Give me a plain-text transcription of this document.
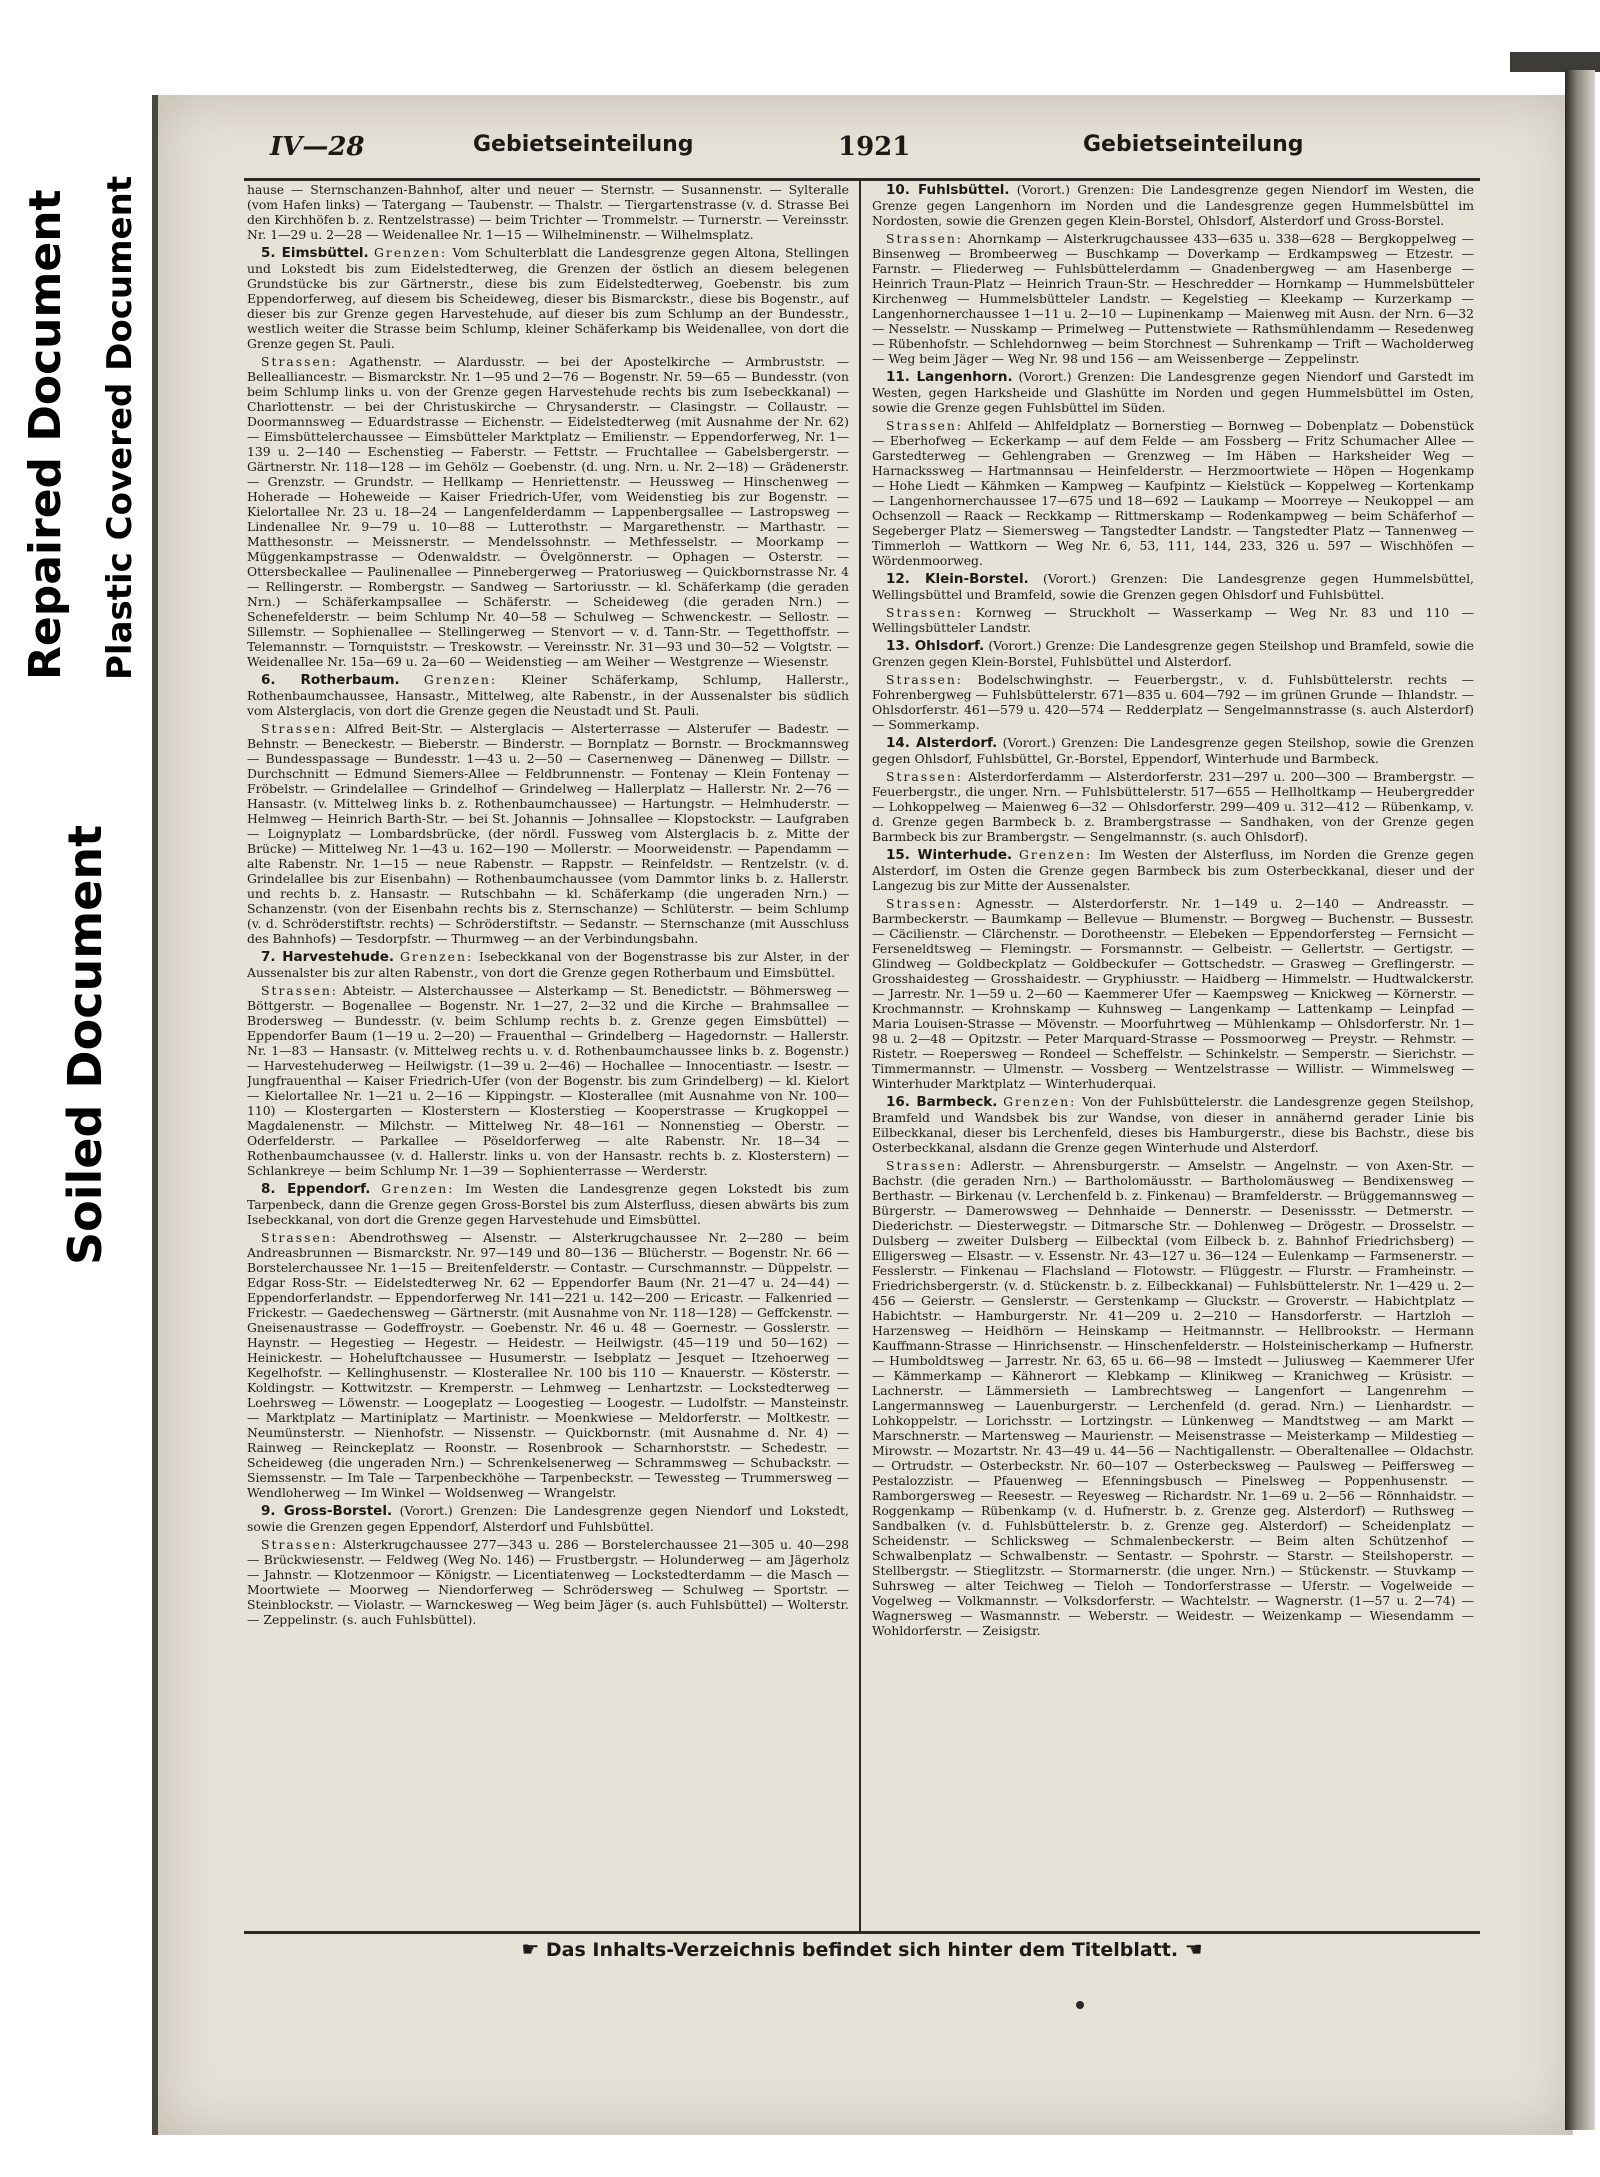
Repaired Document Plastic Covered Document
Soiled Document
IV—28	Gebietseinteilung	1921	Gebietseinteilung

hause — Sternschanzen-Bahnhof, alter und neuer — Sternstr. — Susannenstr. — Sylteralle (vom Hafen links) — Tatergang — Taubenstr. — Thalstr. — Tiergartenstrasse (v. d. Strasse Bei den Kirchhöfen b. z. Rentzelstrasse) — beim Trichter — Trommelstr. — Turnerstr. — Vereinsstr. Nr. 1—29 u. 2—28 — Weidenallee Nr. 1—15 — Wilhelminenstr. — Wilhelmsplatz.

5. Eimsbüttel. Grenzen: Vom Schulterblatt die Landesgrenze gegen Altona, Stellingen und Lokstedt bis zum Eidelstedterweg, die Grenzen der östlich an diesem belegenen Grundstücke bis zur Gärtnerstr., diese bis zum Eidelstedterweg, Goebenstr. bis zum Eppendorferweg, auf diesem bis Scheideweg, dieser bis Bismarckstr., diese bis Bogenstr., auf dieser bis zur Grenze gegen Harvestehude, auf dieser bis zum Schlump an der Bundesstr., westlich weiter die Strasse beim Schlump, kleiner Schäferkamp bis Weidenallee, von dort die Grenze gegen St. Pauli.

Strassen: Agathenstr. — Alardusstr. — bei der Apostelkirche — Armbruststr. — Bellealliancestr. — Bismarckstr. Nr. 1—95 und 2—76 — Bogenstr. Nr. 59—65 — Bundesstr. (von beim Schlump links u. von der Grenze gegen Harvestehude rechts bis zum Isebeckkanal) — Charlottenstr. — bei der Christuskirche — Chrysanderstr. — Clasingstr. — Collaustr. — Doormannsweg — Eduardstrasse — Eichenstr. — Eidelstedterweg (mit Ausnahme der Nr. 62) — Eimsbüttelerchaussee — Eimsbütteler Marktplatz — Emilienstr. — Eppendorferweg, Nr. 1—139 u. 2—140 — Eschenstieg — Faberstr. — Fettstr. — Fruchtallee — Gabelsbergerstr. — Gärtnerstr. Nr. 118—128 — im Gehölz — Goebenstr. (d. ung. Nrn. u. Nr. 2—18) — Grädenerstr. — Grenzstr. — Grundstr. — Hellkamp — Henriettenstr. — Heussweg — Hinschenweg — Hoherade — Hoheweide — Kaiser Friedrich-Ufer, vom Weidenstieg bis zur Bogenstr. — Kielortallee Nr. 23 u. 18—24 — Langenfelderdamm — Lappenbergsallee — Lastropsweg — Lindenallee Nr. 9—79 u. 10—88 — Lutterothstr. — Margarethenstr. — Marthastr. — Matthesonstr. — Meissnerstr. — Mendelssohnstr. — Methfesselstr. — Moorkamp — Müggenkampstrasse — Odenwaldstr. — Övelgönnerstr. — Ophagen — Osterstr. — Ottersbeckallee — Paulinenallee — Pinnebergerweg — Pratoriusweg — Quickbornstrasse Nr. 4 — Rellingerstr. — Rombergstr. — Sandweg — Sartoriusstr. — kl. Schäferkamp (die geraden Nrn.) — Schäferkampsallee — Schäferstr. — Scheideweg (die geraden Nrn.) — Schenefelderstr. — beim Schlump Nr. 40—58 — Schulweg — Schwenckestr. — Sellostr. — Sillemstr. — Sophienallee — Stellingerweg — Stenvort — v. d. Tann-Str. — Tegetthoffstr. — Telemannstr. — Tornquiststr. — Treskowstr. — Vereinsstr. Nr. 31—93 und 30—52 — Volgtstr. — Weidenallee Nr. 15a—69 u. 2a—60 — Weidenstieg — am Weiher — Westgrenze — Wiesenstr.

6. Rotherbaum. Grenzen: Kleiner Schäferkamp, Schlump, Hallerstr., Rothenbaumchaussee, Hansastr., Mittelweg, alte Rabenstr., in der Aussenalster bis südlich vom Alsterglacis, von dort die Grenze gegen die Neustadt und St. Pauli.

Strassen: Alfred Beit-Str. — Alsterglacis — Alsterterrasse — Alsterufer — Badestr. — Behnstr. — Beneckestr. — Bieberstr. — Binderstr. — Bornplatz — Bornstr. — Brockmannsweg — Bundesspassage — Bundesstr. 1—43 u. 2—50 — Casernenweg — Dänenweg — Dillstr. — Durchschnitt — Edmund Siemers-Allee — Feldbrunnenstr. — Fontenay — Klein Fontenay — Fröbelstr. — Grindelallee — Grindelhof — Grindelweg — Hallerplatz — Hallerstr. Nr. 2—76 — Hansastr. (v. Mittelweg links b. z. Rothenbaumchaussee) — Hartungstr. — Helmhuderstr. — Helmweg — Heinrich Barth-Str. — bei St. Johannis — Johnsallee — Klopstockstr. — Laufgraben — Loignyplatz — Lombardsbrücke, (der nördl. Fussweg vom Alsterglacis b. z. Mitte der Brücke) — Mittelweg Nr. 1—43 u. 162—190 — Mollerstr. — Moorweidenstr. — Papendamm — alte Rabenstr. Nr. 1—15 — neue Rabenstr. — Rappstr. — Reinfeldstr. — Rentzelstr. (v. d. Grindelallee bis zur Eisenbahn) — Rothenbaumchaussee (vom Dammtor links b. z. Hallerstr. und rechts b. z. Hansastr. — Rutschbahn — kl. Schäferkamp (die ungeraden Nrn.) — Schanzenstr. (von der Eisenbahn rechts bis z. Sternschanze) — Schlüterstr. — beim Schlump (v. d. Schröderstiftstr. rechts) — Schröderstiftstr. — Sedanstr. — Sternschanze (mit Ausschluss des Bahnhofs) — Tesdorpfstr. — Thurmweg — an der Verbindungsbahn.

7. Harvestehude. Grenzen: Isebeckkanal von der Bogenstrasse bis zur Alster, in der Aussenalster bis zur alten Rabenstr., von dort die Grenze gegen Rotherbaum und Eimsbüttel.

Strassen: Abteistr. — Alsterchaussee — Alsterkamp — St. Benedictstr. — Böhmersweg — Böttgerstr. — Bogenallee — Bogenstr. Nr. 1—27, 2—32 und die Kirche — Brahmsallee — Brodersweg — Bundesstr. (v. beim Schlump rechts b. z. Grenze gegen Eimsbüttel) — Eppendorfer Baum (1—19 u. 2—20) — Frauenthal — Grindelberg — Hagedornstr. — Hallerstr. Nr. 1—83 — Hansastr. (v. Mittelweg rechts u. v. d. Rothenbaumchaussee links b. z. Bogenstr.) — Harvestehuderweg — Heilwigstr. (1—39 u. 2—46) — Hochallee — Innocentiastr. — Isestr. — Jungfrauenthal — Kaiser Friedrich-Ufer (von der Bogenstr. bis zum Grindelberg) — kl. Kielort — Kielortallee Nr. 1—21 u. 2—16 — Kippingstr. — Klosterallee (mit Ausnahme von Nr. 100—110) — Klostergarten — Klosterstern — Klosterstieg — Kooperstrasse — Krugkoppel — Magdalenenstr. — Milchstr. — Mittelweg Nr. 48—161 — Nonnenstieg — Oberstr. — Oderfelderstr. — Parkallee — Pöseldorferweg — alte Rabenstr. Nr. 18—34 — Rothenbaumchaussee (v. d. Hallerstr. links u. von der Hansastr. rechts b. z. Klosterstern) — Schlankreye — beim Schlump Nr. 1—39 — Sophienterrasse — Werderstr.

8. Eppendorf. Grenzen: Im Westen die Landesgrenze gegen Lokstedt bis zum Tarpenbeck, dann die Grenze gegen Gross-Borstel bis zum Alsterfluss, diesen abwärts bis zum Isebeckkanal, von dort die Grenze gegen Harvestehude und Eimsbüttel.

Strassen: Abendrothsweg — Alsenstr. — Alsterkrugchaussee Nr. 2—280 — beim Andreasbrunnen — Bismarckstr. Nr. 97—149 und 80—136 — Blücherstr. — Bogenstr. Nr. 66 — Borstelerchaussee Nr. 1—15 — Breitenfelderstr. — Contastr. — Curschmannstr. — Düppelstr. — Edgar Ross-Str. — Eidelstedterweg Nr. 62 — Eppendorfer Baum (Nr. 21—47 u. 24—44) — Eppendorferlandstr. — Eppendorferweg Nr. 141—221 u. 142—200 — Ericastr. — Falkenried — Frickestr. — Gaedechensweg — Gärtnerstr. (mit Ausnahme von Nr. 118—128) — Geffckenstr. — Gneisenaustrasse — Godeffroystr. — Goebenstr. Nr. 46 u. 48 — Goernestr. — Gosslerstr. — Haynstr. — Hegestieg — Hegestr. — Heidestr. — Heilwigstr. (45—119 und 50—162) — Heinickestr. — Hoheluftchaussee — Husumerstr. — Isebplatz — Jesquet — Itzehoerweg — Kegelhofstr. — Kellinghusenstr. — Klosterallee Nr. 100 bis 110 — Knauerstr. — Kösterstr. — Koldingstr. — Kottwitzstr. — Kremperstr. — Lehmweg — Lenhartzstr. — Lockstedterweg — Loehrsweg — Löwenstr. — Loogeplatz — Loogestieg — Loogestr. — Ludolfstr. — Mansteinstr. — Marktplatz — Martiniplatz — Martinistr. — Moenkwiese — Meldorferstr. — Moltkestr. — Neumünsterstr. — Nienhofstr. — Nissenstr. — Quickbornstr. (mit Ausnahme d. Nr. 4) — Rainweg — Reinckeplatz — Roonstr. — Rosenbrook — Scharnhorststr. — Schedestr. — Scheideweg (die ungeraden Nrn.) — Schrenkelsenerweg — Schrammsweg — Schubackstr. — Siemssenstr. — Im Tale — Tarpenbeckhöhe — Tarpenbeckstr. — Tewessteg — Trummersweg — Wendloherweg — Im Winkel — Woldsenweg — Wrangelstr.

9. Gross-Borstel. (Vorort.) Grenzen: Die Landesgrenze gegen Niendorf und Lokstedt, sowie die Grenzen gegen Eppendorf, Alsterdorf und Fuhlsbüttel.

Strassen: Alsterkrugchaussee 277—343 u. 286 — Borstelerchaussee 21—305 u. 40—298 — Brückwiesenstr. — Feldweg (Weg No. 146) — Frustbergstr. — Holunderweg — am Jägerholz — Jahnstr. — Klotzenmoor — Königstr. — Licentiatenweg — Lockstedterdamm — die Masch — Moortwiete — Moorweg — Niendorferweg — Schrödersweg — Schulweg — Sportstr. — Steinblockstr. — Violastr. — Warnckesweg — Weg beim Jäger (s. auch Fuhlsbüttel) — Wolterstr. — Zeppelinstr. (s. auch Fuhlsbüttel).

10. Fuhlsbüttel. (Vorort.) Grenzen: Die Landesgrenze gegen Niendorf im Westen, die Grenze gegen Langenhorn im Norden und die Landesgrenze gegen Hummelsbüttel im Nordosten, sowie die Grenzen gegen Klein-Borstel, Ohlsdorf, Alsterdorf und Gross-Borstel.

Strassen: Ahornkamp — Alsterkrugchaussee 433—635 u. 338—628 — Bergkoppelweg — Binsenweg — Brombeerweg — Buschkamp — Doverkamp — Erdkampsweg — Etzestr. — Farnstr. — Fliederweg — Fuhlsbüttelerdamm — Gnadenbergweg — am Hasenberge — Heinrich Traun-Platz — Heinrich Traun-Str. — Heschredder — Hornkamp — Hummelsbütteler Kirchenweg — Hummelsbütteler Landstr. — Kegelstieg — Kleekamp — Kurzerkamp — Langenhornerchaussee 1—11 u. 2—10 — Lupinenkamp — Maienweg mit Ausn. der Nrn. 6—32 — Nesselstr. — Nusskamp — Primelweg — Puttenstwiete — Rathsmühlendamm — Resedenweg — Rübenhofstr. — Schlehdornweg — beim Storchnest — Suhrenkamp — Trift — Wacholderweg — Weg beim Jäger — Weg Nr. 98 und 156 — am Weissenberge — Zeppelinstr.

11. Langenhorn. (Vorort.) Grenzen: Die Landesgrenze gegen Niendorf und Garstedt im Westen, gegen Harksheide und Glashütte im Norden und gegen Hummelsbüttel im Osten, sowie die Grenze gegen Fuhlsbüttel im Süden.

Strassen: Ahlfeld — Ahlfeldplatz — Bornerstieg — Bornweg — Dobenplatz — Dobenstück — Eberhofweg — Eckerkamp — auf dem Felde — am Fossberg — Fritz Schumacher Allee — Garstedterweg — Gehlengraben — Grenzweg — Im Häben — Harksheider Weg — Harnackssweg — Hartmannsau — Heinfelderstr. — Herzmoortwiete — Höpen — Hogenkamp — Hohe Liedt — Kähmken — Kampweg — Kaufpintz — Kielstück — Koppelweg — Kortenkamp — Langenhornerchaussee 17—675 und 18—692 — Laukamp — Moorreye — Neukoppel — am Ochsenzoll — Raack — Reckkamp — Rittmerskamp — Rodenkampweg — beim Schäferhof — Segeberger Platz — Siemersweg — Tangstedter Landstr. — Tangstedter Platz — Tannenweg — Timmerloh — Wattkorn — Weg Nr. 6, 53, 111, 144, 233, 326 u. 597 — Wischhöfen — Wördenmoorweg.

12. Klein-Borstel. (Vorort.) Grenzen: Die Landesgrenze gegen Hummelsbüttel, Wellingsbüttel und Bramfeld, sowie die Grenzen gegen Ohlsdorf und Fuhlsbüttel.

Strassen: Kornweg — Struckholt — Wasserkamp — Weg Nr. 83 und 110 — Wellingsbütteler Landstr.

13. Ohlsdorf. (Vorort.) Grenze: Die Landesgrenze gegen Steilshop und Bramfeld, sowie die Grenzen gegen Klein-Borstel, Fuhlsbüttel und Alsterdorf.

Strassen: Bodelschwinghstr. — Feuerbergstr., v. d. Fuhlsbüttelerstr. rechts — Fohrenbergweg — Fuhlsbüttelerstr. 671—835 u. 604—792 — im grünen Grunde — Ihlandstr. — Ohlsdorferstr. 461—579 u. 420—574 — Redderplatz — Sengelmannstrasse (s. auch Alsterdorf) — Sommerkamp.

14. Alsterdorf. (Vorort.) Grenzen: Die Landesgrenze gegen Steilshop, sowie die Grenzen gegen Ohlsdorf, Fuhlsbüttel, Gr.-Borstel, Eppendorf, Winterhude und Barmbeck.

Strassen: Alsterdorferdamm — Alsterdorferstr. 231—297 u. 200—300 — Brambergstr. — Feuerbergstr., die unger. Nrn. — Fuhlsbüttelerstr. 517—655 — Hellholtkamp — Heubergredder — Lohkoppelweg — Maienweg 6—32 — Ohlsdorferstr. 299—409 u. 312—412 — Rübenkamp, v. d. Grenze gegen Barmbeck b. z. Brambergstrasse — Sandhaken, von der Grenze gegen Barmbeck bis zur Brambergstr. — Sengelmannstr. (s. auch Ohlsdorf).

15. Winterhude. Grenzen: Im Westen der Alsterfluss, im Norden die Grenze gegen Alsterdorf, im Osten die Grenze gegen Barmbeck bis zum Osterbeckkanal, dieser und der Langezug bis zur Mitte der Aussenalster.

Strassen: Agnesstr. — Alsterdorferstr. Nr. 1—149 u. 2—140 — Andreasstr. — Barmbeckerstr. — Baumkamp — Bellevue — Blumenstr. — Borgweg — Buchenstr. — Bussestr. — Cäcilienstr. — Clärchenstr. — Dorotheenstr. — Elebeken — Eppendorfersteg — Fernsicht — Ferseneldtsweg — Flemingstr. — Forsmannstr. — Gelbeistr. — Gellertstr. — Gertigstr. — Glindweg — Goldbeckplatz — Goldbeckufer — Gottschedstr. — Grasweg — Greflingerstr. — Grosshaidesteg — Grosshaidestr. — Gryphiusstr. — Haidberg — Himmelstr. — Hudtwalckerstr. — Jarrestr. Nr. 1—59 u. 2—60 — Kaemmerer Ufer — Kaempsweg — Knickweg — Körnerstr. — Krochmannstr. — Krohnskamp — Kuhnsweg — Langenkamp — Lattenkamp — Leinpfad — Maria Louisen-Strasse — Mövenstr. — Moorfuhrtweg — Mühlenkamp — Ohlsdorferstr. Nr. 1—98 u. 2—48 — Opitzstr. — Peter Marquard-Strasse — Possmoorweg — Preystr. — Rehmstr. — Ristetr. — Roepersweg — Rondeel — Scheffelstr. — Schinkelstr. — Semperstr. — Sierichstr. — Timmermannstr. — Ulmenstr. — Vossberg — Wentzelstrasse — Willistr. — Wimmelsweg — Winterhuder Marktplatz — Winterhuderquai.

16. Barmbeck. Grenzen: Von der Fuhlsbüttelerstr. die Landesgrenze gegen Steilshop, Bramfeld und Wandsbek bis zur Wandse, von dieser in annähernd gerader Linie bis Eilbeckkanal, dieser bis Lerchenfeld, dieses bis Hamburgerstr., diese bis Bachstr., diese bis Osterbeckkanal, alsdann die Grenze gegen Winterhude und Alsterdorf.

Strassen: Adlerstr. — Ahrensburgerstr. — Amselstr. — Angelnstr. — von Axen-Str. — Bachstr. (die geraden Nrn.) — Bartholomäusstr. — Bartholomäusweg — Bendixensweg — Berthastr. — Birkenau (v. Lerchenfeld b. z. Finkenau) — Bramfelderstr. — Brüggemannsweg — Bürgerstr. — Damerowsweg — Dehnhaide — Dennerstr. — Desenissstr. — Detmerstr. — Diederichstr. — Diesterwegstr. — Ditmarsche Str. — Dohlenweg — Drögestr. — Drosselstr. — Dulsberg — zweiter Dulsberg — Eilbecktal (vom Eilbeck b. z. Bahnhof Friedrichsberg) — Elligersweg — Elsastr. — v. Essenstr. Nr. 43—127 u. 36—124 — Eulenkamp — Farmsenerstr. — Fesslerstr. — Finkenau — Flachsland — Flotowstr. — Flüggestr. — Flurstr. — Framheinstr. — Friedrichsbergerstr. (v. d. Stückenstr. b. z. Eilbeckkanal) — Fuhlsbüttelerstr. Nr. 1—429 u. 2—456 — Geierstr. — Genslerstr. — Gerstenkamp — Gluckstr. — Groverstr. — Habichtplatz — Habichtstr. — Hamburgerstr. Nr. 41—209 u. 2—210 — Hansdorferstr. — Hartzloh — Harzensweg — Heidhörn — Heinskamp — Heitmannstr. — Hellbrookstr. — Hermann Kauffmann-Strasse — Hinrichsenstr. — Hinschenfelderstr. — Holsteinischerkamp — Hufnerstr. — Humboldtsweg — Jarrestr. Nr. 63, 65 u. 66—98 — Imstedt — Juliusweg — Kaemmerer Ufer — Kämmerkamp — Kähnerort — Klebkamp — Klinikweg — Kranichweg — Krüsistr. — Lachnerstr. — Lämmersieth — Lambrechtsweg — Langenfort — Langenrehm — Langermannsweg — Lauenburgerstr. — Lerchenfeld (d. gerad. Nrn.) — Lienhardstr. — Lohkoppelstr. — Lorichsstr. — Lortzingstr. — Lünkenweg — Mandtstweg — am Markt — Marschnerstr. — Martensweg — Maurienstr. — Meisenstrasse — Meisterkamp — Mildestieg — Mirowstr. — Mozartstr. Nr. 43—49 u. 44—56 — Nachtigallenstr. — Oberaltenallee — Oldachstr. — Ortrudstr. — Osterbeckstr. Nr. 60—107 — Osterbecksweg — Paulsweg — Peiffersweg — Pestalozzistr. — Pfauenweg — Efenningsbusch — Pinelsweg — Poppenhusenstr. — Ramborgersweg — Reesestr. — Reyesweg — Richardstr. Nr. 1—69 u. 2—56 — Rönnhaidstr. — Roggenkamp — Rübenkamp (v. d. Hufnerstr. b. z. Grenze geg. Alsterdorf) — Ruthsweg — Sandbalken (v. d. Fuhlsbüttelerstr. b. z. Grenze geg. Alsterdorf) — Scheidenplatz — Scheidenstr. — Schlicksweg — Schmalenbeckerstr. — Beim alten Schützenhof — Schwalbenplatz — Schwalbenstr. — Sentastr. — Spohrstr. — Starstr. — Steilshoperstr. — Stellbergstr. — Stieglitzstr. — Stormarnerstr. (die unger. Nrn.) — Stückenstr. — Stuvkamp — Suhrsweg — alter Teichweg — Tieloh — Tondorferstrasse — Uferstr. — Vogelweide — Vogelweg — Volkmannstr. — Volksdorferstr. — Wachtelstr. — Wagnerstr. (1—57 u. 2—74) — Wagnersweg — Wasmannstr. — Weberstr. — Weidestr. — Weizenkamp — Wiesendamm — Wohldorferstr. — Zeisigstr.

☛ Das Inhalts-Verzeichnis befindet sich hinter dem Titelblatt. ☚
